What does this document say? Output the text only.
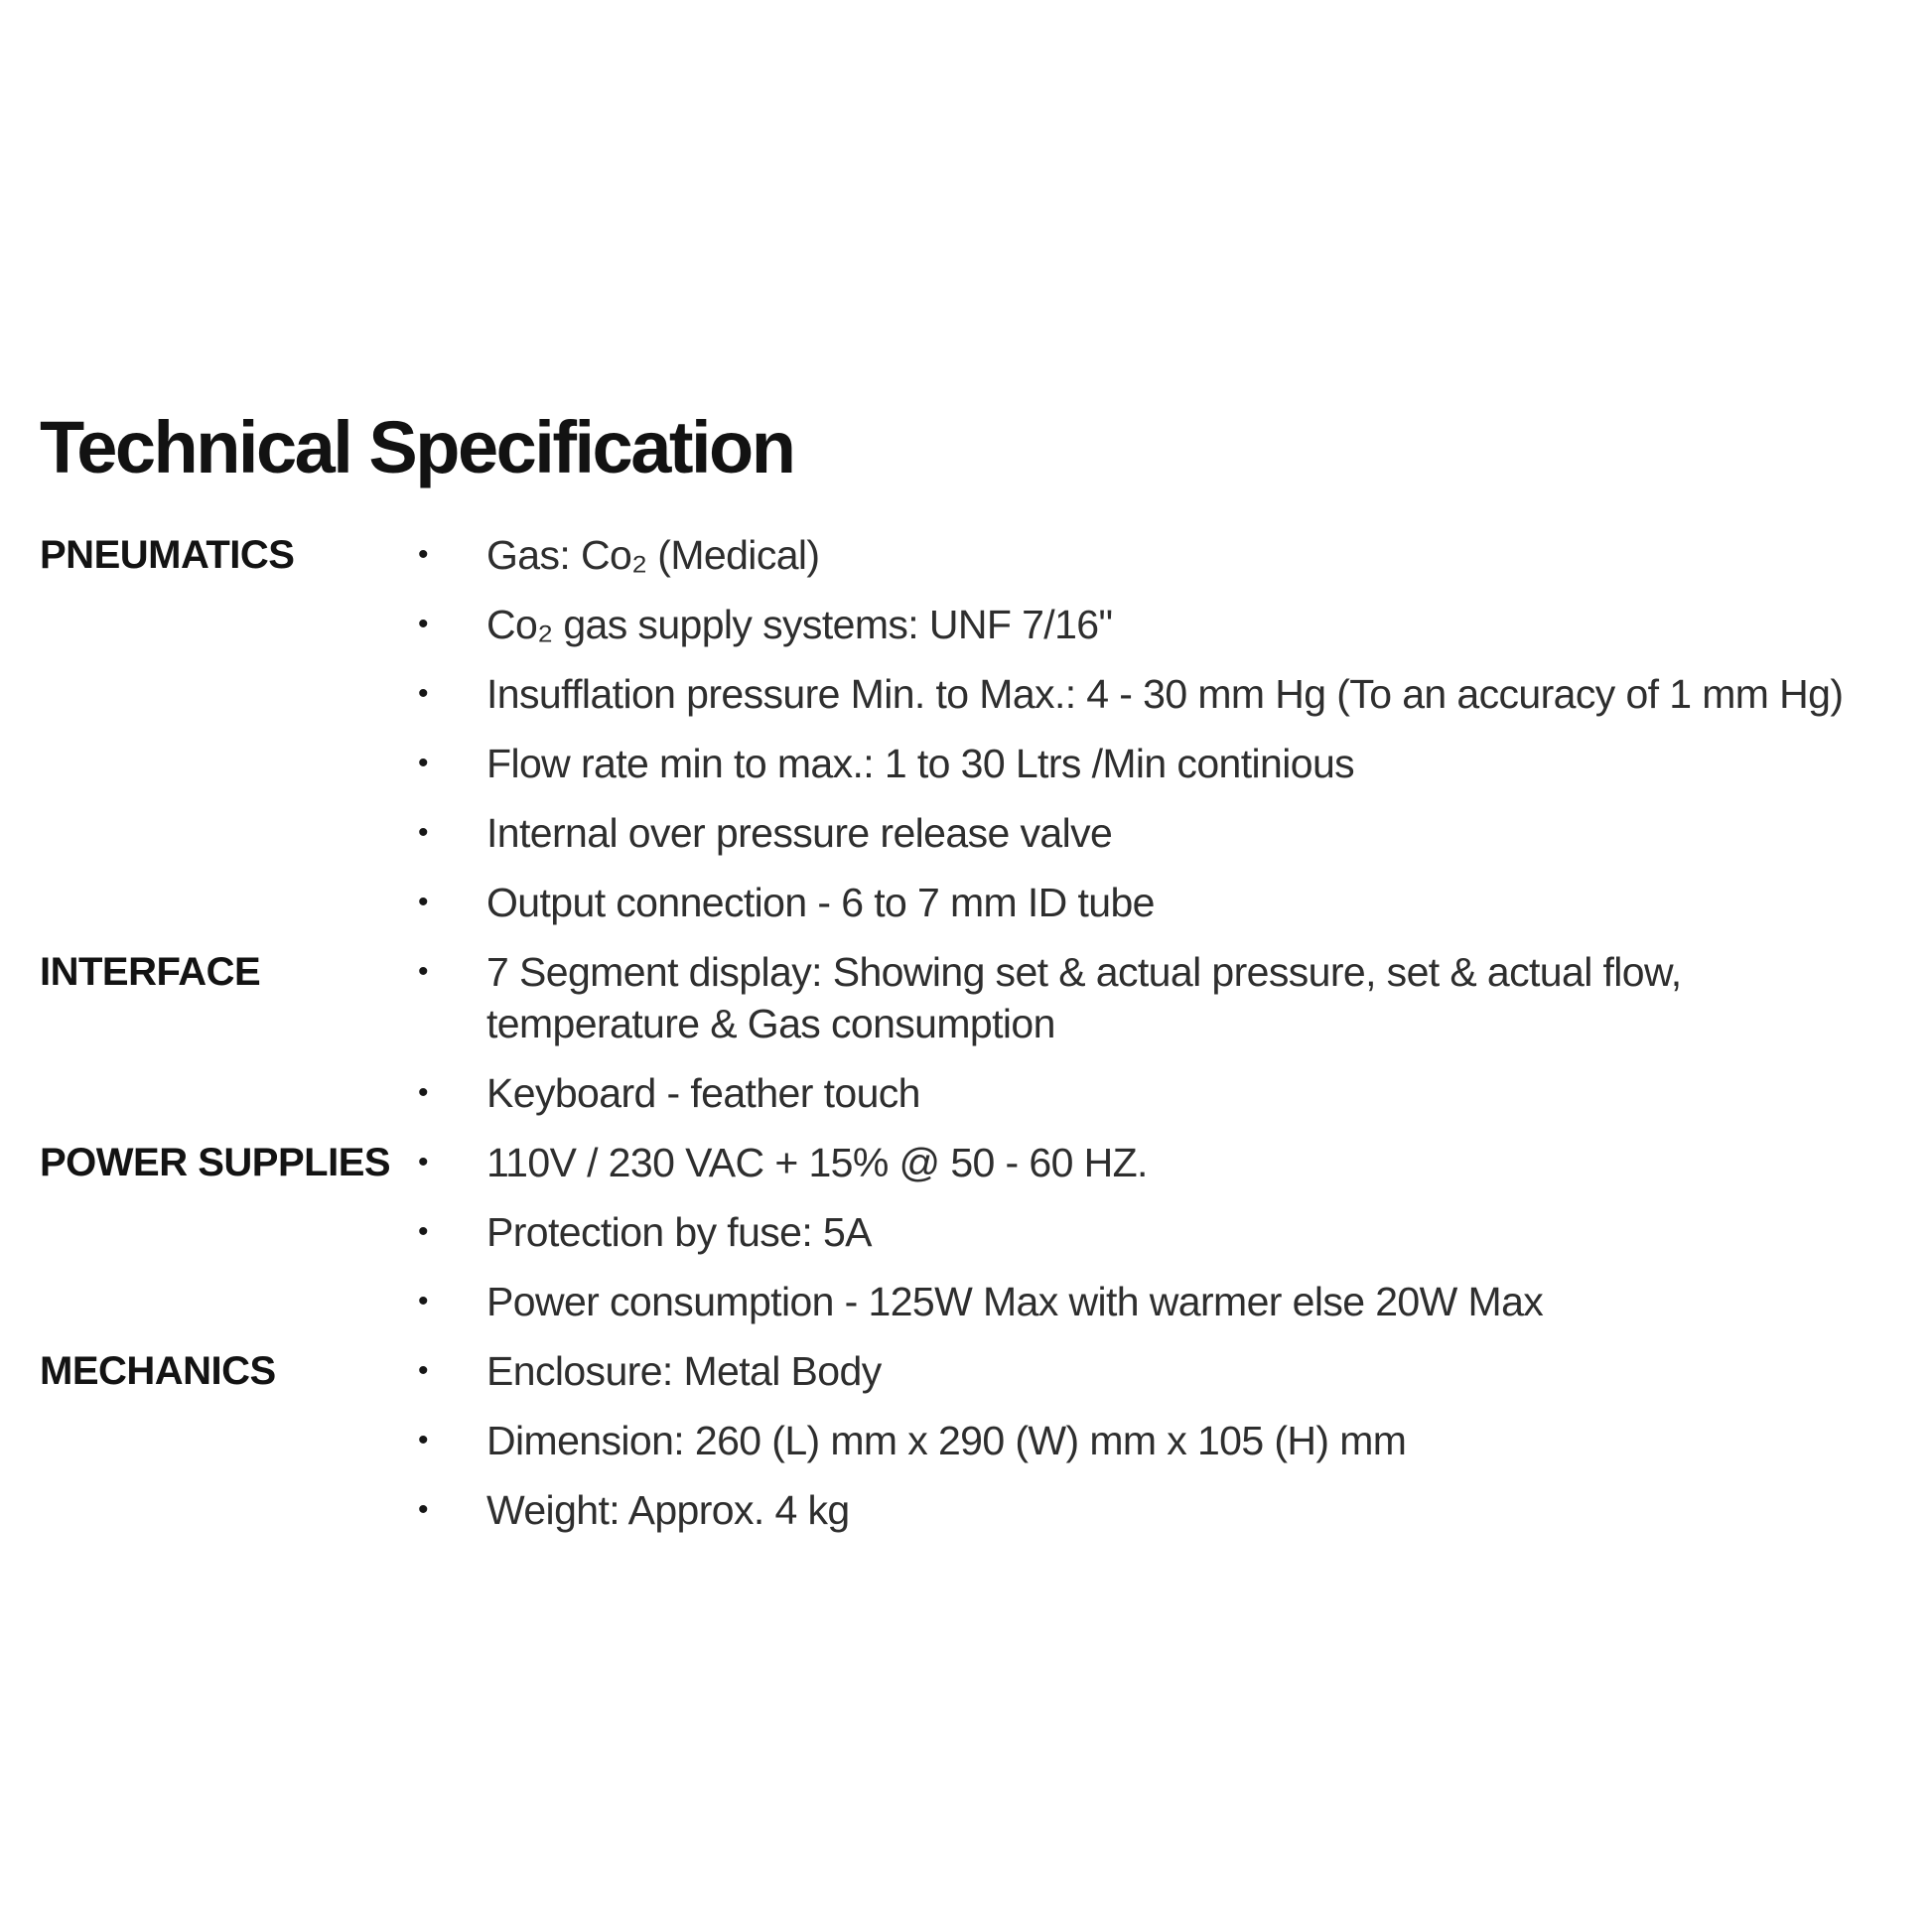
Technical Specification
PNEUMATICS	•	Gas: Co₂ (Medical)
•	Co₂ gas supply systems: UNF 7/16"
•	Insufflation pressure Min. to Max.: 4 - 30 mm Hg (To an accuracy of 1 mm Hg)
•	Flow rate min to max.: 1 to 30 Ltrs /Min continious
•	Internal over pressure release valve
•	Output connection - 6 to 7 mm ID tube
INTERFACE	•	7 Segment display: Showing set & actual pressure, set & actual flow, temperature & Gas consumption
•	Keyboard - feather touch
POWER SUPPLIES •	110V / 230 VAC + 15% @ 50 - 60 HZ.
•	Protection by fuse: 5A
•	Power consumption - 125W Max with warmer else 20W Max
MECHANICS	•	Enclosure: Metal Body
•	Dimension: 260 (L) mm x 290 (W) mm x 105 (H) mm
•	Weight: Approx. 4 kg
